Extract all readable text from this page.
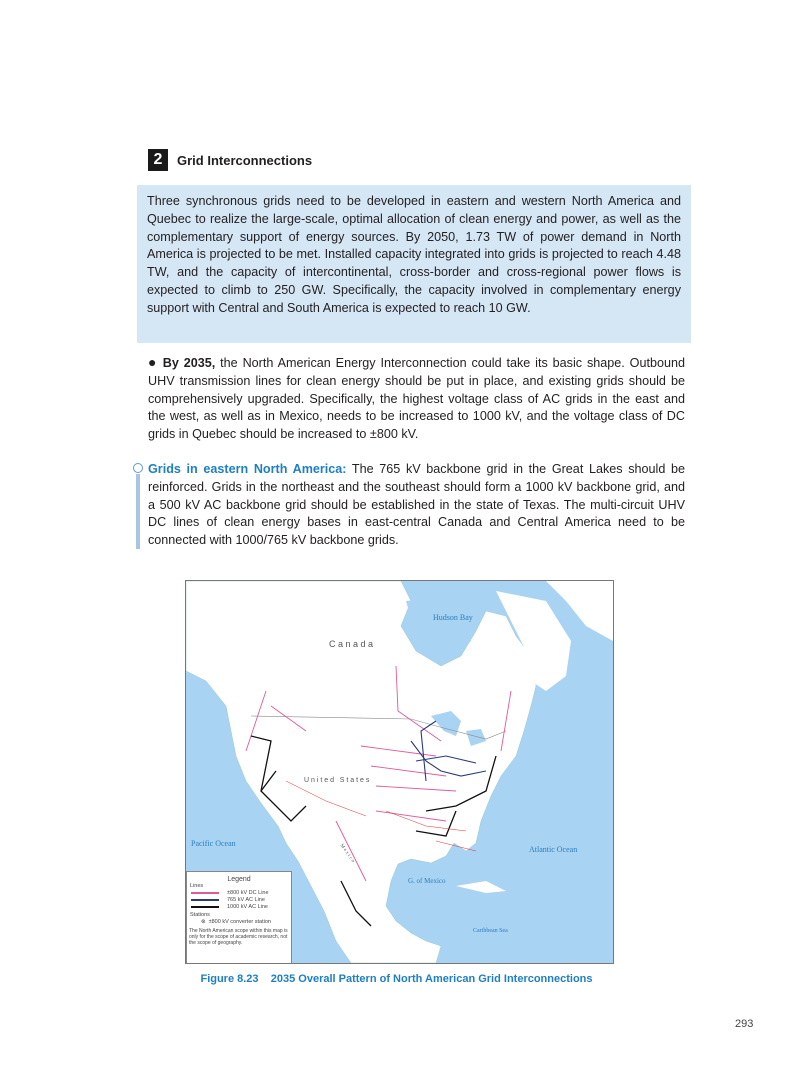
2	Grid Interconnections
Three synchronous grids need to be developed in eastern and western North America and Quebec to realize the large-scale, optimal allocation of clean energy and power, as well as the complementary support of energy sources. By 2050, 1.73 TW of power demand in North America is projected to be met. Installed capacity integrated into grids is projected to reach 4.48 TW, and the capacity of intercontinental, cross-border and cross-regional power flows is expected to climb to 250 GW. Specifically, the capacity involved in complementary energy support with Central and South America is expected to reach 10 GW.
● By 2035, the North American Energy Interconnection could take its basic shape. Outbound UHV transmission lines for clean energy should be put in place, and existing grids should be comprehensively upgraded. Specifically, the highest voltage class of AC grids in the east and the west, as well as in Mexico, needs to be increased to 1000 kV, and the voltage class of DC grids in Quebec should be increased to ±800 kV.
Grids in eastern North America: The 765 kV backbone grid in the Great Lakes should be reinforced. Grids in the northeast and the southeast should form a 1000 kV backbone grid, and a 500 kV AC backbone grid should be established in the state of Texas. The multi-circuit UHV DC lines of clean energy bases in east-central Canada and Central America need to be connected with 1000/765 kV backbone grids.
Hudson Bay
C a n a d a
U n i t e d   S t a t e s
Pacific Ocean
Atlantic Ocean
G. of Mexico
Caribbean Sea
M e x i c o
Legend
Lines
±800 kV DC Line
765 kV AC Line
1000 kV AC Line
Stations
⊗ ±800 kV converter station
The North American scope within this map is only for the scope of academic research, not the scope of geography.
Figure 8.23    2035 Overall Pattern of North American Grid Interconnections
293
